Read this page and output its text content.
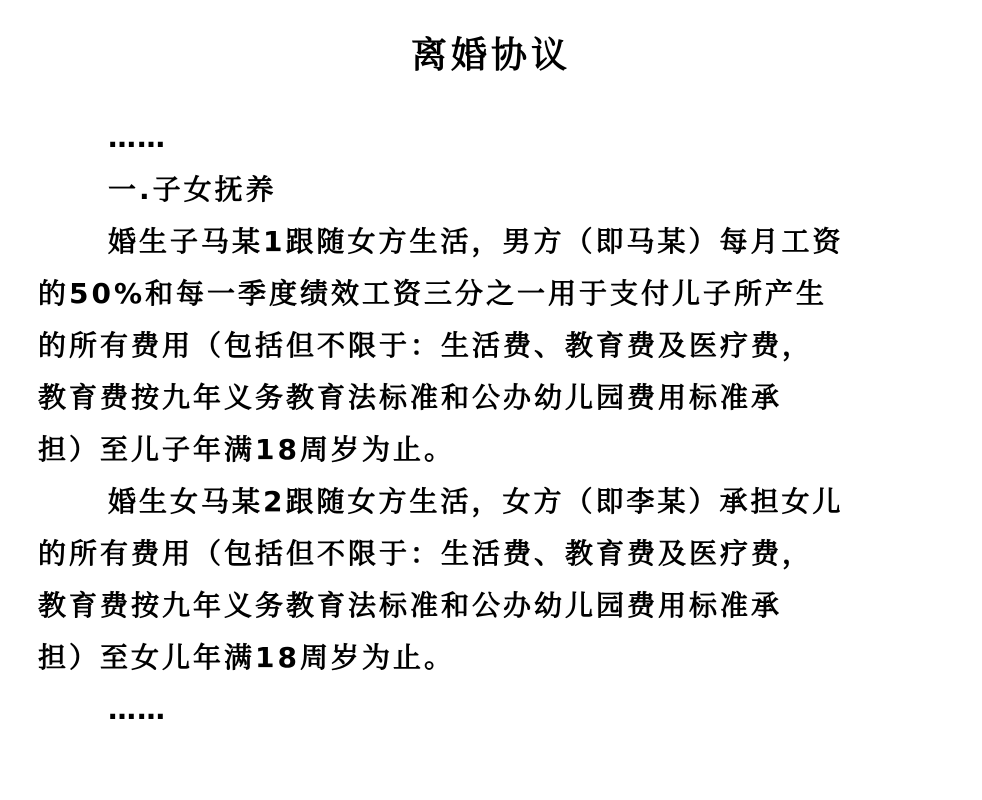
离婚协议

……

一.子女抚养

婚生子马某1跟随女方生活，男方（即马某）每月工资

的50%和每一季度绩效工资三分之一用于支付儿子所产生

的所有费用（包括但不限于：生活费、教育费及医疗费，

教育费按九年义务教育法标准和公办幼儿园费用标准承

担）至儿子年满18周岁为止。

婚生女马某2跟随女方生活，女方（即李某）承担女儿

的所有费用（包括但不限于：生活费、教育费及医疗费，

教育费按九年义务教育法标准和公办幼儿园费用标准承

担）至女儿年满18周岁为止。

……
